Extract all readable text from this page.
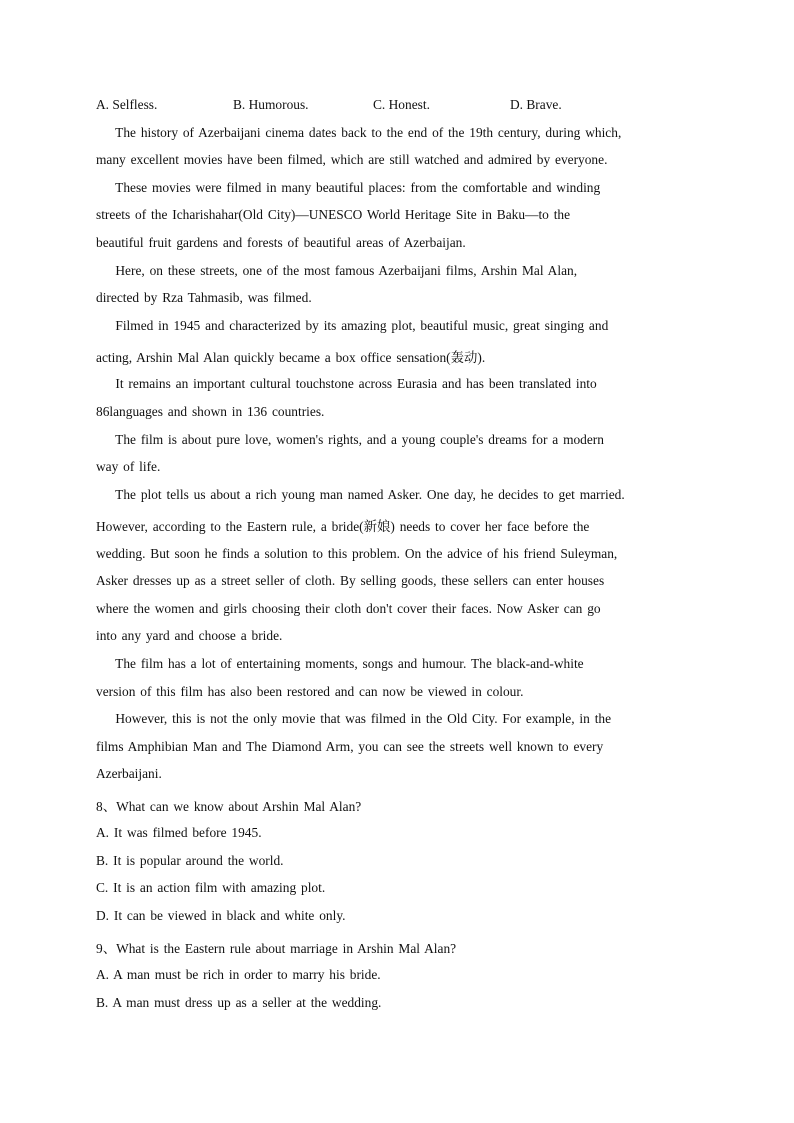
A. Selfless.	B. Humorous.	C. Honest.	D. Brave.
The history of Azerbaijani cinema dates back to the end of the 19th century, during which,
many excellent movies have been filmed, which are still watched and admired by everyone.
These movies were filmed in many beautiful places: from the comfortable and winding
streets of the Icharishahar(Old City)—UNESCO World Heritage Site in Baku—to the
beautiful fruit gardens and forests of beautiful areas of Azerbaijan.
Here, on these streets, one of the most famous Azerbaijani films, Arshin Mal Alan,
directed by Rza Tahmasib, was filmed.
Filmed in 1945 and characterized by its amazing plot, beautiful music, great singing and
acting, Arshin Mal Alan quickly became a box office sensation(轰动).
It remains an important cultural touchstone across Eurasia and has been translated into
86languages and shown in 136 countries.
The film is about pure love, women's rights, and a young couple's dreams for a modern
way of life.
The plot tells us about a rich young man named Asker. One day, he decides to get married.
However, according to the Eastern rule, a bride(新娘) needs to cover her face before the
wedding. But soon he finds a solution to this problem. On the advice of his friend Suleyman,
Asker dresses up as a street seller of cloth. By selling goods, these sellers can enter houses
where the women and girls choosing their cloth don't cover their faces. Now Asker can go
into any yard and choose a bride.
The film has a lot of entertaining moments, songs and humour. The black-and-white
version of this film has also been restored and can now be viewed in colour.
However, this is not the only movie that was filmed in the Old City. For example, in the
films Amphibian Man and The Diamond Arm, you can see the streets well known to every
Azerbaijani.
8、What can we know about Arshin Mal Alan?
A. It was filmed before 1945.
B. It is popular around the world.
C. It is an action film with amazing plot.
D. It can be viewed in black and white only.
9、What is the Eastern rule about marriage in Arshin Mal Alan?
A. A man must be rich in order to marry his bride.
B. A man must dress up as a seller at the wedding.
